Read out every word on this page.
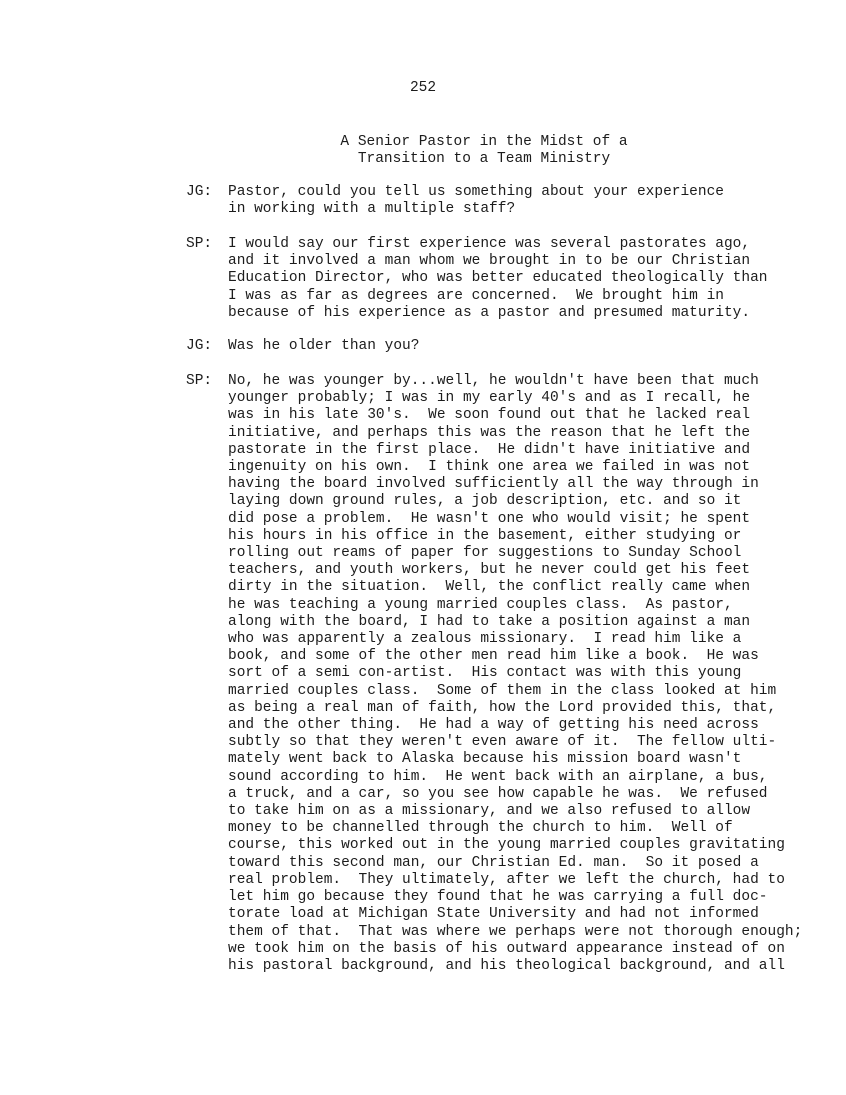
252
A Senior Pastor in the Midst of a
Transition to a Team Ministry
JG:	Pastor, could you tell us something about your experience
in working with a multiple staff?
SP:	I would say our first experience was several pastorates ago,
and it involved a man whom we brought in to be our Christian
Education Director, who was better educated theologically than
I was as far as degrees are concerned.  We brought him in
because of his experience as a pastor and presumed maturity.
JG:	Was he older than you?
SP:	No, he was younger by...well, he wouldn't have been that much
younger probably; I was in my early 40's and as I recall, he
was in his late 30's.  We soon found out that he lacked real
initiative, and perhaps this was the reason that he left the
pastorate in the first place.  He didn't have initiative and
ingenuity on his own.  I think one area we failed in was not
having the board involved sufficiently all the way through in
laying down ground rules, a job description, etc. and so it
did pose a problem.  He wasn't one who would visit; he spent
his hours in his office in the basement, either studying or
rolling out reams of paper for suggestions to Sunday School
teachers, and youth workers, but he never could get his feet
dirty in the situation.  Well, the conflict really came when
he was teaching a young married couples class.  As pastor,
along with the board, I had to take a position against a man
who was apparently a zealous missionary.  I read him like a
book, and some of the other men read him like a book.  He was
sort of a semi con-artist.  His contact was with this young
married couples class.  Some of them in the class looked at him
as being a real man of faith, how the Lord provided this, that,
and the other thing.  He had a way of getting his need across
subtly so that they weren't even aware of it.  The fellow ulti-
mately went back to Alaska because his mission board wasn't
sound according to him.  He went back with an airplane, a bus,
a truck, and a car, so you see how capable he was.  We refused
to take him on as a missionary, and we also refused to allow
money to be channelled through the church to him.  Well of
course, this worked out in the young married couples gravitating
toward this second man, our Christian Ed. man.  So it posed a
real problem.  They ultimately, after we left the church, had to
let him go because they found that he was carrying a full doc-
torate load at Michigan State University and had not informed
them of that.  That was where we perhaps were not thorough enough;
we took him on the basis of his outward appearance instead of on
his pastoral background, and his theological background, and all
